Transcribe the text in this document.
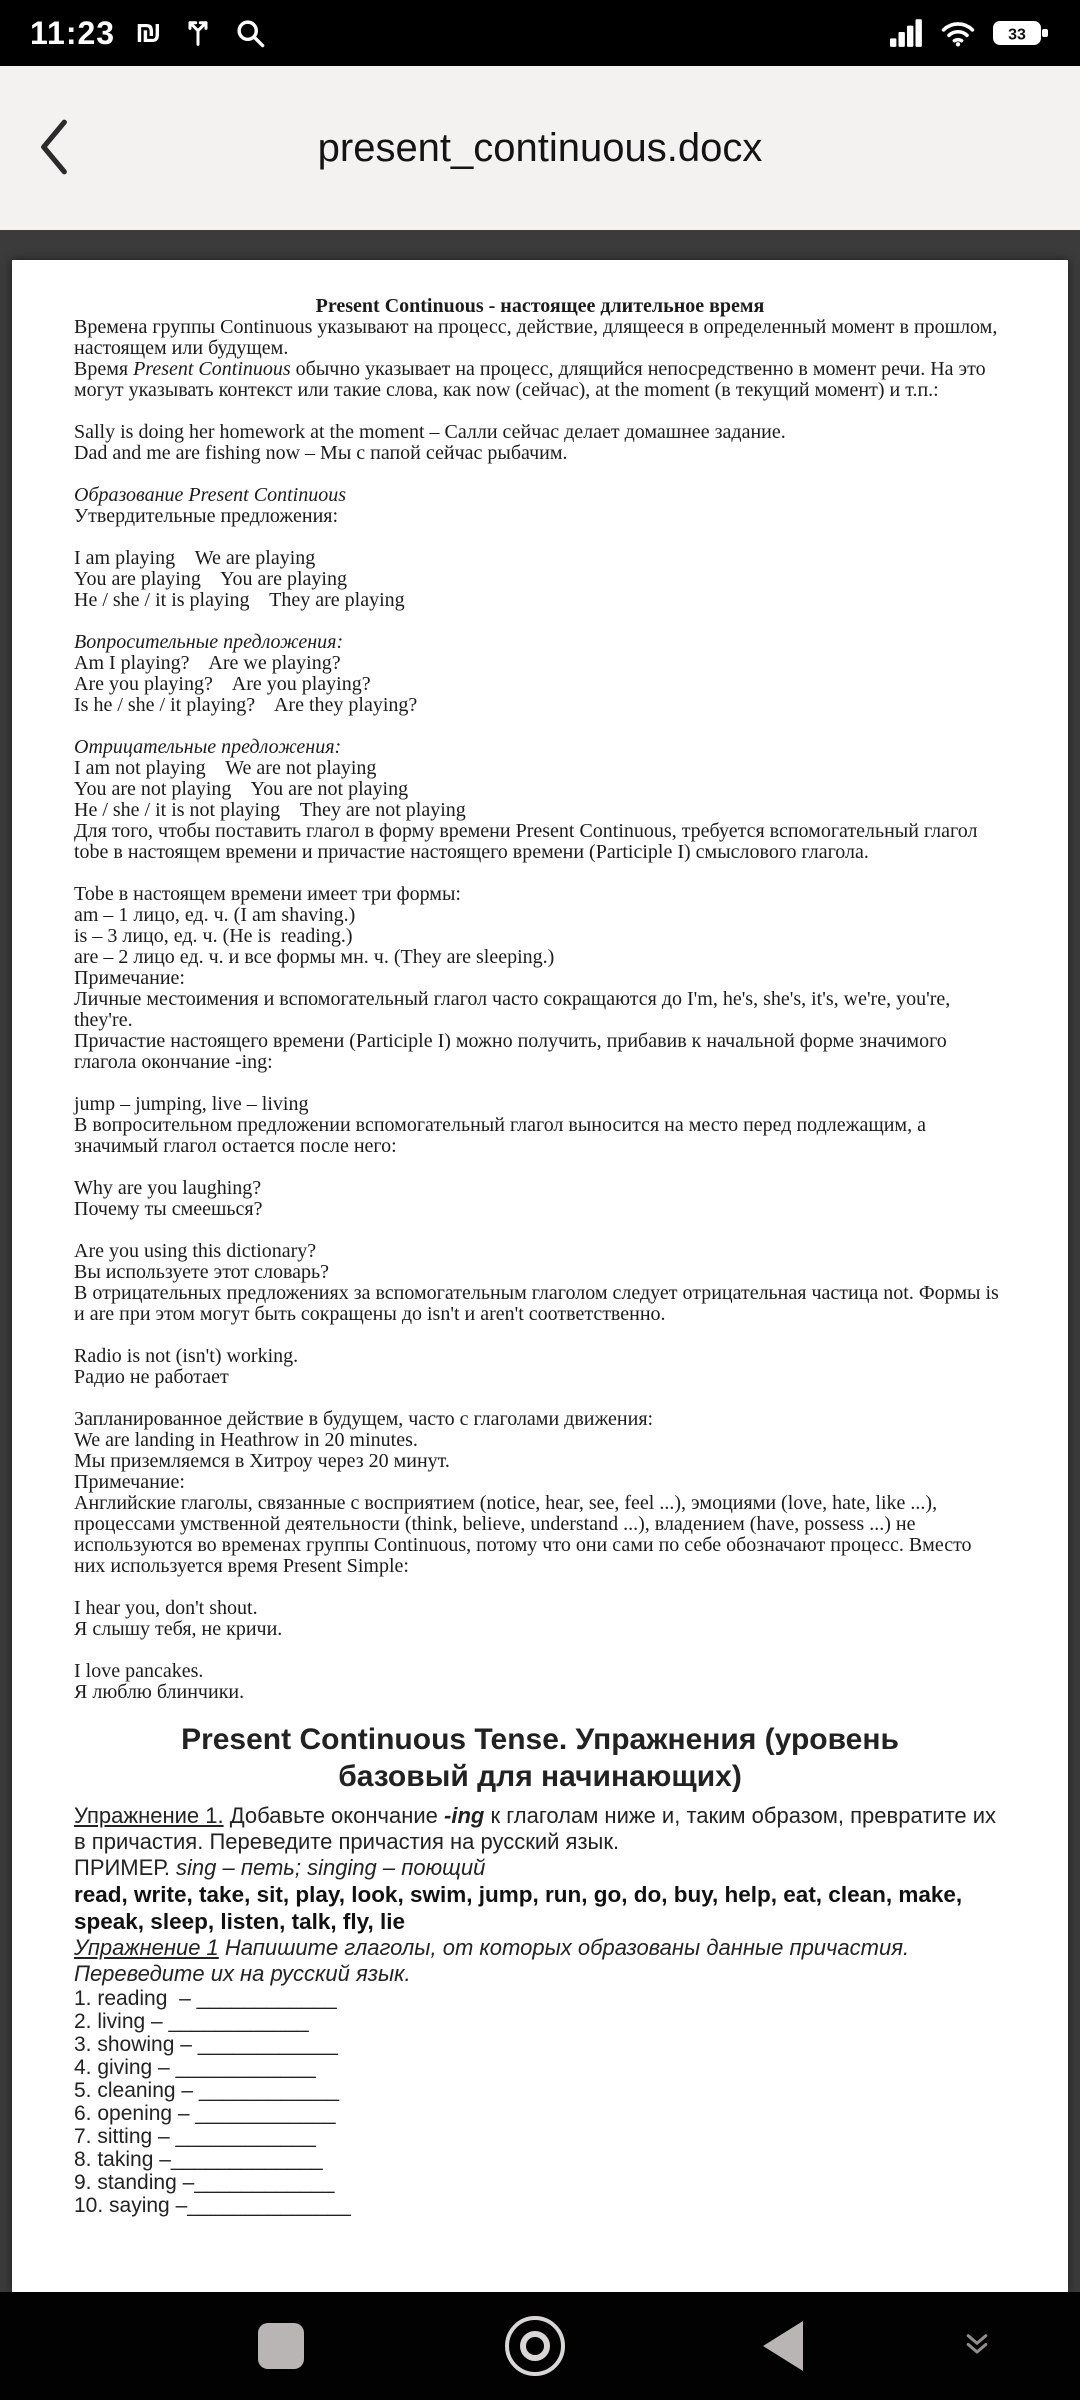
11:23 ₪	33
present_continuous.docx

Present Continuous - настоящее длительное время

Времена группы Continuous указывают на процесс, действие, длящееся в определенный момент в прошлом, настоящем или будущем.

Время Present Continuous обычно указывает на процесс, длящийся непосредственно в момент речи. На это могут указывать контекст или такие слова, как now (сейчас), at the moment (в текущий момент) и т.п.:

Sally is doing her homework at the moment – Салли сейчас делает домашнее задание.

Dad and me are fishing now – Мы с папой сейчас рыбачим.

Образование Present Continuous

Утвердительные предложения:

I am playing    We are playing

You are playing    You are playing

He / she / it is playing    They are playing

Вопросительные предложения:

Am I playing?    Are we playing?

Are you playing?    Are you playing?

Is he / she / it playing?    Are they playing?

Отрицательные предложения:

I am not playing    We are not playing

You are not playing    You are not playing

He / she / it is not playing    They are not playing

Для того, чтобы поставить глагол в форму времени Present Continuous, требуется вспомогательный глагол tobe в настоящем времени и причастие настоящего времени (Participle I) смыслового глагола.

Tobe в настоящем времени имеет три формы:

am – 1 лицо, ед. ч. (I am shaving.)

is – 3 лицо, ед. ч. (He is  reading.)

are – 2 лицо ед. ч. и все формы мн. ч. (They are sleeping.)

Примечание:

Личные местоимения и вспомогательный глагол часто сокращаются до I'm, he's, she's, it's, we're, you're, they're.

Причастие настоящего времени (Participle I) можно получить, прибавив к начальной форме значимого глагола окончание -ing:

jump – jumping, live – living

В вопросительном предложении вспомогательный глагол выносится на место перед подлежащим, а значимый глагол остается после него:

Why are you laughing?

Почему ты смеешься?

Are you using this dictionary?

Вы используете этот словарь?

В отрицательных предложениях за вспомогательным глаголом следует отрицательная частица not. Формы is и are при этом могут быть сокращены до isn't и aren't соответственно.

Radio is not (isn't) working.

Радио не работает

Запланированное действие в будущем, часто с глаголами движения:

We are landing in Heathrow in 20 minutes.

Мы приземляемся в Хитроу через 20 минут.

Примечание:

Английские глаголы, связанные с восприятием (notice, hear, see, feel ...), эмоциями (love, hate, like ...), процессами умственной деятельности (think, believe, understand ...), владением (have, possess ...) не используются во временах группы Continuous, потому что они сами по себе обозначают процесс. Вместо них используется время Present Simple:

I hear you, don't shout.

Я слышу тебя, не кричи.

I love pancakes.

Я люблю блинчики.

Present Continuous Tense. Упражнения (уровень базовый для начинающих)

Упражнение 1. Добавьте окончание -ing к глаголам ниже и, таким образом, превратите их в причастия. Переведите причастия на русский язык.

ПРИМЕР. sing – петь; singing – поющий

read, write, take, sit, play, look, swim, jump, run, go, do, buy, help, eat, clean, make, speak, sleep, listen, talk, fly, lie

Упражнение 1 Напишите глаголы, от которых образованы данные причастия. Переведите их на русский язык.

1. reading  – ____________

2. living – ____________

3. showing – ____________

4. giving – ____________

5. cleaning – ____________

6. opening – ____________

7. sitting – ____________

8. taking –_____________

9. standing –____________

10. saying –______________
